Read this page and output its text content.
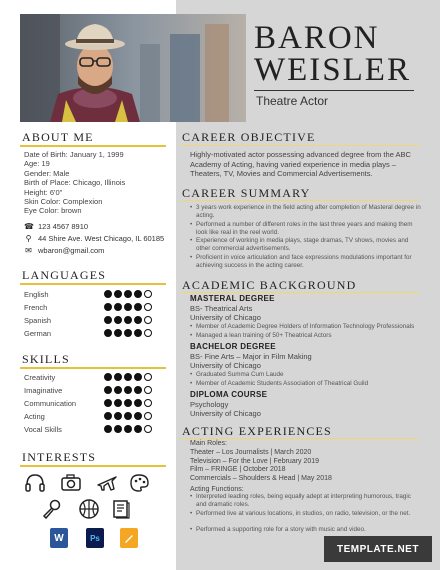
BARON
WEISLER
Theatre Actor
ABOUT ME
Date of Birth: January 1, 1999
Age: 19
Gender: Male
Birth of Place: Chicago, Illinois
Height: 6'0"
Skin Color: Complexion
Eye Color: brown
☎ 123 4567 8910
⚲ 44 Shire Ave. West Chicago, IL 60185
✉ wbaron@gmail.com
LANGUAGES
English
French
Spanish
German
SKILLS
Creativity
Imaginative
Communication
Acting
Vocal Skills
INTERESTS
W	Ps
CAREER OBJECTIVE
Highly-motivated actor possessing advanced degree from the ABC Academy of Acting, having varied experience in media plays – Theaters, TV, Movies and Commercial Advertisements.
CAREER SUMMARY
• 3 years work experience in the field acting after completion of Masteral degree in acting.
• Performed a number of different roles in the last three years and making them look like real in the reel world.
• Experience of working in media plays, stage dramas, TV shows, movies and other commercial advertisements.
• Proficient in voice articulation and face expressions modulations important for achieving success in the acting career.
ACADEMIC BACKGROUND
MASTERAL DEGREE
BS- Theatrical Arts
University of Chicago
• Member of Academic Degree Holders of Information Technology Professionals
• Managed a lean training of 50+ Theatrical Actors
BACHELOR DEGREE
BS- Fine Arts – Major in Film Making
University of Chicago
• Graduated Summa Cum Laude
• Member of Academic Students Association of Theatrical Guild
DIPLOMA COURSE
Psychology
University of Chicago
ACTING EXPERIENCES
Main Roles:
Theater – Los Journalists | March 2020
Television – For the Love | February 2019
Film – FRINGE | October 2018
Commercials – Shoulders & Head | May 2018
Acting Functions:
• Interpreted leading roles, being equally adept at interpreting humorous, tragic and dramatic roles.
• Performed live at various locations, in studios, on radio, television, or the net.
• Performed a supporting role for a story with music and video.
TEMPLATE.NET
